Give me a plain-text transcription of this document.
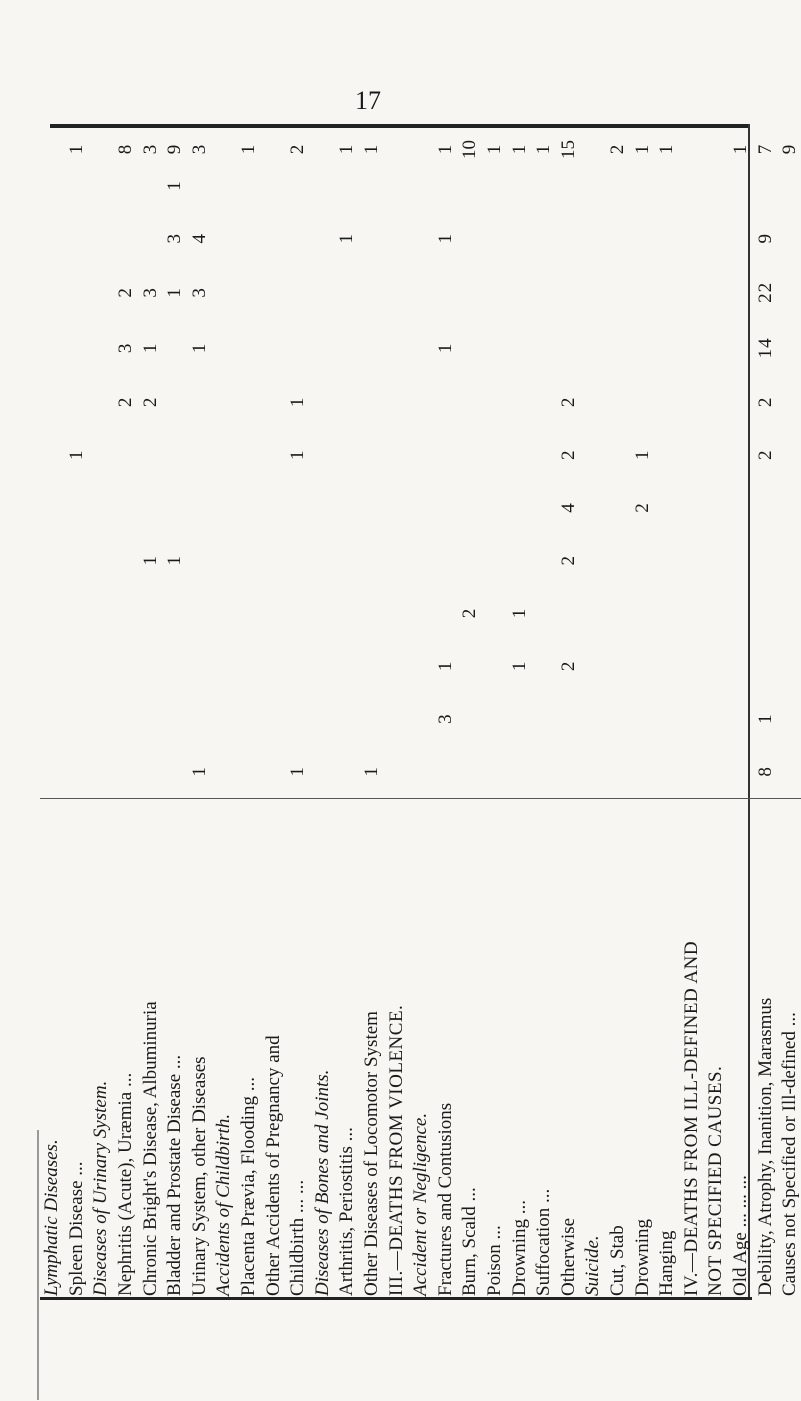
17
Lymphatic Diseases.													
Spleen Disease ...							1						1
Diseases of Urinary System.													
Nephritis (Acute), Uræmia ...								2	3	2			8
Chronic Bright's Disease, Albuminuria					1			2	1	3			3
Bladder and Prostate Disease ...					1					1	3	1	9
Urinary System, other Diseases	1								1	3	4		3
Accidents of Childbirth.													
Placenta Prævia, Flooding ...													1
Other Accidents of Pregnancy and													
Childbirth ... ...	1						1	1					2
Diseases of Bones and Joints.													
Arthritis, Periostitis ...											1		1
Other Diseases of Locomotor System	1												1
III.—DEATHS FROM VIOLENCE.													
Accident or Negligence.													
Fractures and Contusions		3	1						1		1		1
Burn, Scald ...				2									10
Poison ...													1
Drowning ...			1	1									1
Suffocation ...													1
Otherwise			2		2	4	2	2					15
Suicide.													
Cut, Stab													2
Drowning						2	1						1
Hanging													1
IV.—DEATHS FROM ILL-DEFINED AND													
NOT SPECIFIED CAUSES.													
Old Age ... ... ...													1
Debility, Atrophy, Inanition, Marasmus	8	1					2	2	14	22	9		7
Causes not Specified or Ill-defined ...													9
